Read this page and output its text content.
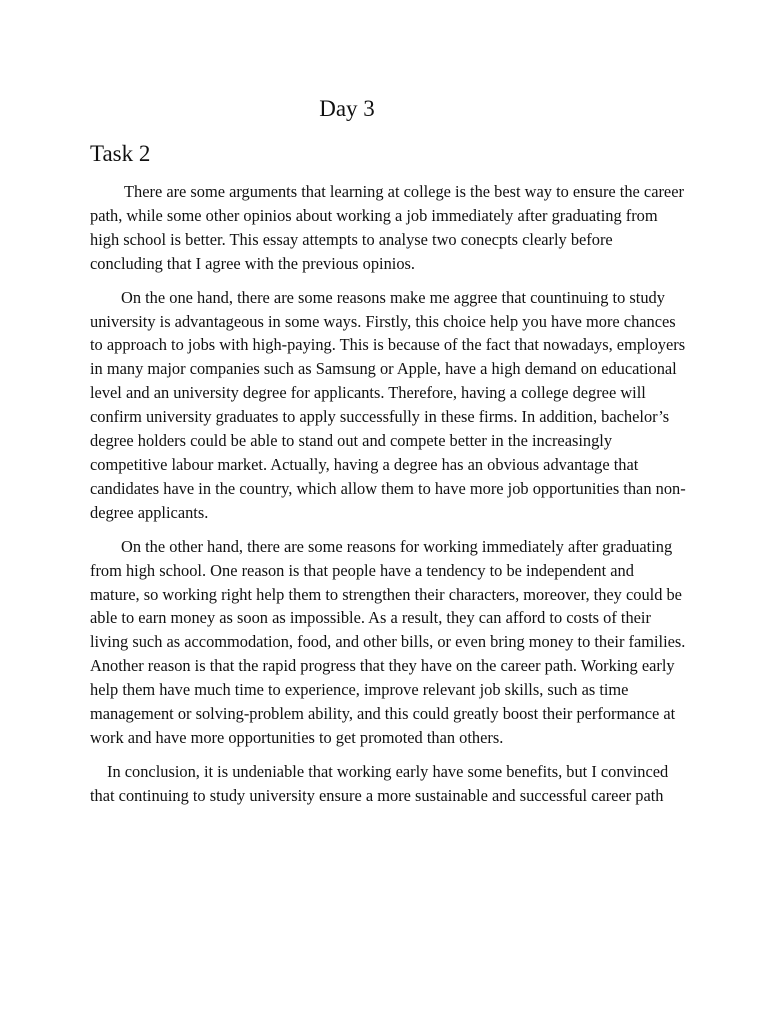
Day 3
Task 2

There are some arguments that learning at college is the best way to ensure the career path, while some other opinios about working a job immediately after graduating from high school is better. This essay attempts to analyse two conecpts clearly before concluding that I agree with the previous opinios.

On the one hand, there are some reasons make me aggree that countinuing to study university is advantageous in some ways. Firstly, this choice help you have more chances to approach to jobs with high-paying. This is because of the fact that nowadays, employers in many major companies such as Samsung or Apple, have a high demand on educational level and an university degree for applicants. Therefore, having a college degree will confirm university graduates to apply successfully in these firms. In addition, bachelor’s degree holders could be able to stand out and compete better in the increasingly competitive labour market. Actually, having a degree has an obvious advantage that candidates have in the country, which allow them to have more job opportunities than non-degree applicants.

On the other hand, there are some reasons for working immediately after graduating from high school. One reason is that people have a tendency to be independent and mature, so working right help them to strengthen their characters, moreover, they could be able to earn money as soon as impossible. As a result, they can afford to costs of their living such as accommodation, food, and other bills, or even bring money to their families. Another reason is that the rapid progress that they have on the career path. Working early help them have much time to experience, improve relevant job skills, such as time management or solving-problem ability, and this could greatly boost their performance at work and have more opportunities to get promoted than others.

In conclusion, it is undeniable that working early have some benefits, but I convinced that continuing to study university ensure a more sustainable and successful career path
